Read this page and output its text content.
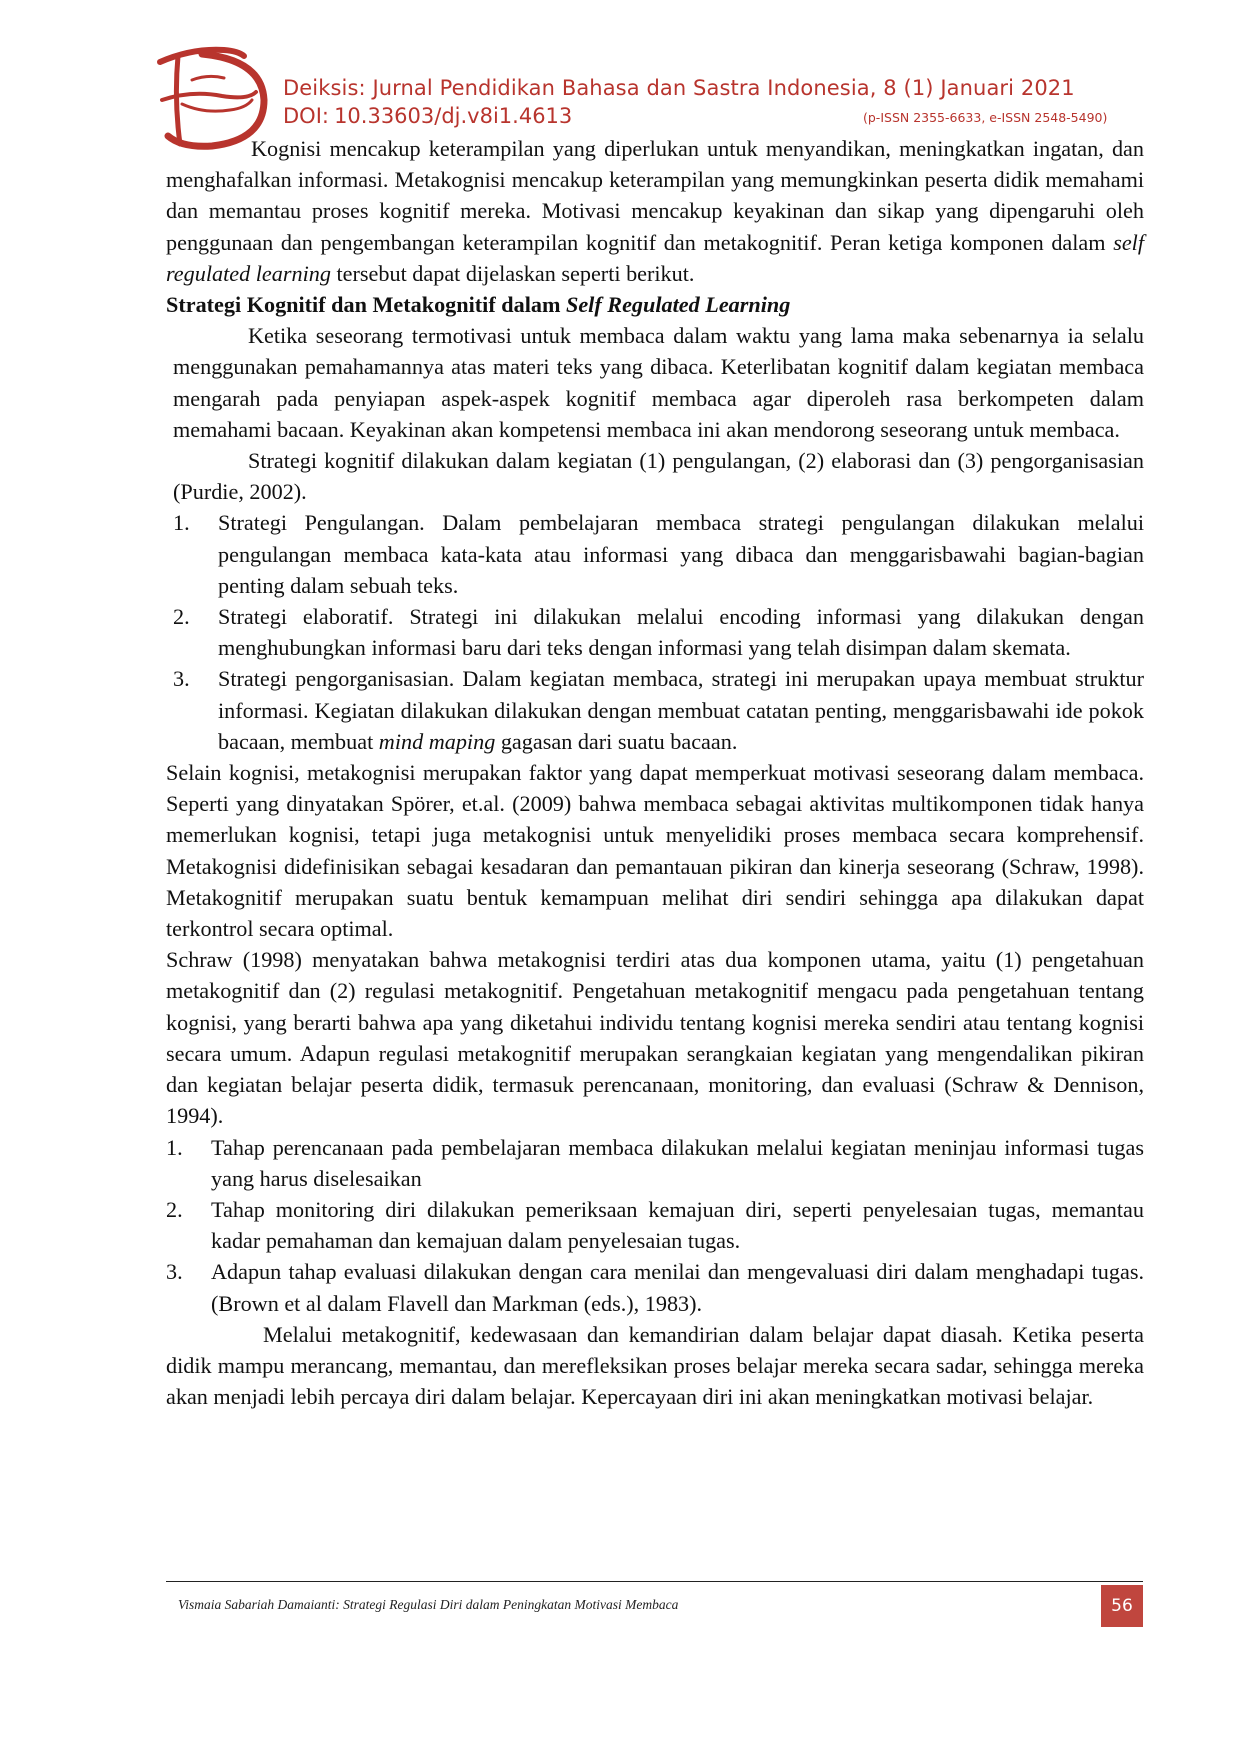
Deiksis: Jurnal Pendidikan Bahasa dan Sastra Indonesia, 8 (1) Januari 2021
DOI: 10.33603/dj.v8i1.4613	(p-ISSN 2355-6633, e-ISSN 2548-5490)

Kognisi mencakup keterampilan yang diperlukan untuk menyandikan, meningkatkan ingatan, dan menghafalkan informasi. Metakognisi mencakup keterampilan yang memungkinkan peserta didik memahami dan memantau proses kognitif mereka. Motivasi mencakup keyakinan dan sikap yang dipengaruhi oleh penggunaan dan pengembangan keterampilan kognitif dan metakognitif. Peran ketiga komponen dalam self regulated learning tersebut dapat dijelaskan seperti berikut.

Strategi Kognitif dan Metakognitif dalam Self Regulated Learning

Ketika seseorang termotivasi untuk membaca dalam waktu yang lama maka sebenarnya ia selalu menggunakan pemahamannya atas materi teks yang dibaca. Keterlibatan kognitif dalam kegiatan membaca mengarah pada penyiapan aspek-aspek kognitif membaca agar diperoleh rasa berkompeten dalam memahami bacaan. Keyakinan akan kompetensi membaca ini akan mendorong seseorang untuk membaca.

Strategi kognitif dilakukan dalam kegiatan (1) pengulangan, (2) elaborasi dan (3) pengorganisasian (Purdie, 2002).

1. Strategi Pengulangan. Dalam pembelajaran membaca strategi pengulangan dilakukan melalui pengulangan membaca kata-kata atau informasi yang dibaca dan menggarisbawahi bagian-bagian penting dalam sebuah teks.
2. Strategi elaboratif. Strategi ini dilakukan melalui encoding informasi yang dilakukan dengan menghubungkan informasi baru dari teks dengan informasi yang telah disimpan dalam skemata.
3. Strategi pengorganisasian. Dalam kegiatan membaca, strategi ini merupakan upaya membuat struktur informasi. Kegiatan dilakukan dilakukan dengan membuat catatan penting, menggarisbawahi ide pokok bacaan, membuat mind maping gagasan dari suatu bacaan.

Selain kognisi, metakognisi merupakan faktor yang dapat memperkuat motivasi seseorang dalam membaca. Seperti yang dinyatakan Spörer, et.al. (2009) bahwa membaca sebagai aktivitas multikomponen tidak hanya memerlukan kognisi, tetapi juga metakognisi untuk menyelidiki proses membaca secara komprehensif. Metakognisi didefinisikan sebagai kesadaran dan pemantauan pikiran dan kinerja seseorang (Schraw, 1998). Metakognitif merupakan suatu bentuk kemampuan melihat diri sendiri sehingga apa dilakukan dapat terkontrol secara optimal.

Schraw (1998) menyatakan bahwa metakognisi terdiri atas dua komponen utama, yaitu (1) pengetahuan metakognitif dan (2) regulasi metakognitif. Pengetahuan metakognitif mengacu pada pengetahuan tentang kognisi, yang berarti bahwa apa yang diketahui individu tentang kognisi mereka sendiri atau tentang kognisi secara umum. Adapun regulasi metakognitif merupakan serangkaian kegiatan yang mengendalikan pikiran dan kegiatan belajar peserta didik, termasuk perencanaan, monitoring, dan evaluasi (Schraw & Dennison, 1994).

1. Tahap perencanaan pada pembelajaran membaca dilakukan melalui kegiatan meninjau informasi tugas yang harus diselesaikan
2. Tahap monitoring diri dilakukan pemeriksaan kemajuan diri, seperti penyelesaian tugas, memantau kadar pemahaman dan kemajuan dalam penyelesaian tugas.
3. Adapun tahap evaluasi dilakukan dengan cara menilai dan mengevaluasi diri dalam menghadapi tugas. (Brown et al dalam Flavell dan Markman (eds.), 1983).

Melalui metakognitif, kedewasaan dan kemandirian dalam belajar dapat diasah. Ketika peserta didik mampu merancang, memantau, dan merefleksikan proses belajar mereka secara sadar, sehingga mereka akan menjadi lebih percaya diri dalam belajar. Kepercayaan diri ini akan meningkatkan motivasi belajar.

Vismaia Sabariah Damaianti: Strategi Regulasi Diri dalam Peningkatan Motivasi Membaca	56
